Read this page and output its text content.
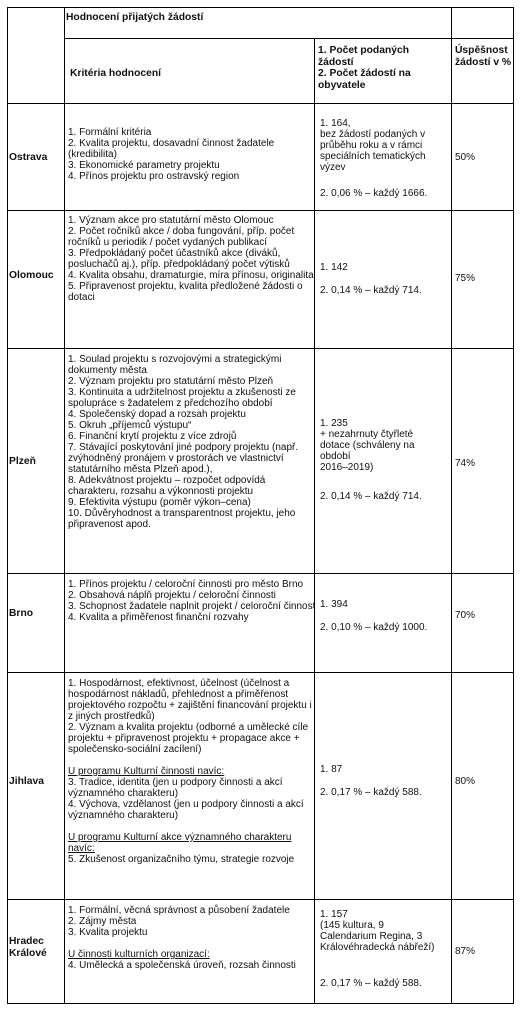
Hodnocení přijatých žádostí
Kritéria hodnocení
1. Počet podaných žádostí
2. Počet žádostí na obyvatele
Úspěšnost žádostí v %
Ostrava
1. Formální kritéria
2. Kvalita projektu, dosavadní činnost žadatele (kredibilita)
3. Ekonomické parametry projektu
4. Přínos projektu pro ostravský region
1. 164,
bez žádostí podaných v průběhu roku a v rámci speciálních tematických výzev
2. 0,06 % – každý 1666.
50%
Olomouc
1. Význam akce pro statutární město Olomouc
2. Počet ročníků akce / doba fungování, příp. počet ročníků u periodik / počet vydaných publikací
3. Předpokládaný počet účastníků akce (diváků, posluchačů aj.), příp. předpokládaný počet výtisků
4. Kvalita obsahu, dramaturgie, míra přínosu, originalita
5. Připravenost projektu, kvalita předložené žádosti o dotaci
1. 142
2. 0,14 % – každý 714.
75%
Plzeň
1. Soulad projektu s rozvojovými a strategickými dokumenty města
2. Význam projektu pro statutární město Plzeň
3. Kontinuita a udržitelnost projektu a zkušenosti ze spolupráce s žadatelem z předchozího období
4. Společenský dopad a rozsah projektu
5. Okruh „příjemců výstupu“
6. Finanční krytí projektu z více zdrojů
7. Stávající poskytování jiné podpory projektu (např. zvýhodněný pronájem v prostorách ve vlastnictví statutárního města Plzeň apod.),
8. Adekvátnost projektu – rozpočet odpovídá charakteru, rozsahu a výkonnosti projektu
9. Efektivita výstupu (poměr výkon–cena)
10. Důvěryhodnost a transparentnost projektu, jeho připravenost apod.
1. 235
+ nezahrnuty čtyřleté dotace (schváleny na období
2016–2019)
2. 0,14 % – každý 714.
74%
Brno
1. Přínos projektu / celoroční činnosti pro město Brno
2. Obsahová náplň projektu / celoroční činnosti
3. Schopnost žadatele naplnit projekt / celoroční činnost
4. Kvalita a přiměřenost finanční rozvahy
1. 394
2. 0,10 % – každý 1000.
70%
Jihlava
1. Hospodárnost, efektivnost, účelnost (účelnost a hospodárnost nákladů, přehlednost a přiměřenost projektového rozpočtu + zajištění financování projektu i z jiných prostředků)
2. Význam a kvalita projektu (odborné a umělecké cíle projektu + připravenost projektu + propagace akce + společensko-sociální zacílení)
U programu Kulturní činnosti navíc:
3. Tradice, identita (jen u podpory činnosti a akcí významného charakteru)
4. Výchova, vzdělanost (jen u podpory činnosti a akcí významného charakteru)
U programu Kulturní akce významného charakteru navíc:
5. Zkušenost organizačního týmu, strategie rozvoje
1. 87
2. 0,17 % – každý 588.
80%
Hradec Králové
1. Formální, věcná správnost a působení žadatele
2. Zájmy města
3. Kvalita projektu
U činnosti kulturních organizací:
4. Umělecká a společenská úroveň, rozsah činnosti
1. 157
(145 kultura, 9 Calendarium Regina, 3 Královéhradecká nábřeží)
2. 0,17 % – každý 588.
87%
